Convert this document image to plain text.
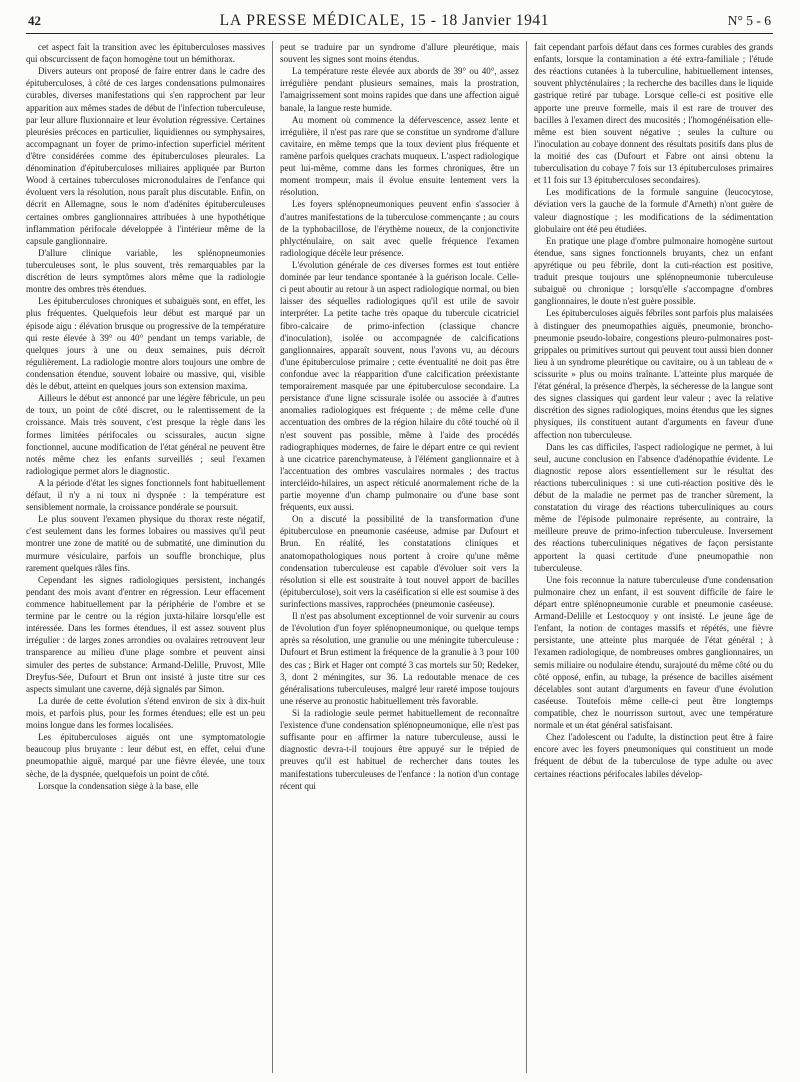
42	LA PRESSE MÉDICALE, 15 - 18 Janvier 1941	N° 5 - 6

cet aspect fait la transition avec les épituberculoses massives qui obscurcissent de façon homogène tout un hémithorax.

Divers auteurs ont proposé de faire entrer dans le cadre des épituberculoses, à côté de ces larges condensations pulmonaires curables, diverses manifestations qui s'en rapprochent par leur apparition aux mêmes stades de début de l'infection tuberculeuse, par leur allure fluxionnaire et leur évolution régressive. Certaines pleurésies précoces en particulier, liquidiennes ou symphysaires, accompagnant un foyer de primo-infection superficiel méritent d'être considérées comme des épituberculoses pleurales. La dénomination d'épituberculoses miliaires appliquée par Burton Wood à certaines tuberculoses micronodulaires de l'enfance qui évoluent vers la résolution, nous paraît plus discutable. Enfin, on décrit en Allemagne, sous le nom d'adénites épituberculeuses certaines ombres ganglionnaires attribuées à une hypothétique inflammation périfocale développée à l'intérieur même de la capsule ganglionnaire.

D'allure clinique variable, les splénopneumonies tuberculeuses sont, le plus souvent, très remarquables par la discrétion de leurs symptômes alors même que la radiologie montre des ombres très étendues.

Les épituberculoses chroniques et subaiguës sont, en effet, les plus fréquentes. Quelquefois leur début est marqué par un épisode aigu : élévation brusque ou progressive de la température qui reste élevée à 39° ou 40° pendant un temps variable, de quelques jours à une ou deux semaines, puis décroît régulièrement. La radiologie montre alors toujours une ombre de condensation étendue, souvent lobaire ou massive, qui, visible dès le début, atteint en quelques jours son extension maxima.

Ailleurs le début est annoncé par une légère fébricule, un peu de toux, un point de côté discret, ou le ralentissement de la croissance. Mais très souvent, c'est presque la règle dans les formes limitées périfocales ou scissurales, aucun signe fonctionnel, aucune modification de l'état général ne peuvent être notés même chez les enfants surveillés ; seul l'examen radiologique permet alors le diagnostic.

A la période d'état les signes fonctionnels font habituellement défaut, il n'y a ni toux ni dyspnée : la température est sensiblement normale, la croissance pondérale se poursuit.

Le plus souvent l'examen physique du thorax reste négatif, c'est seulement dans les formes lobaires ou massives qu'il peut montrer une zone de matité ou de submatité, une diminution du murmure vésiculaire, parfois un souffle bronchique, plus rarement quelques râles fins.

Cependant les signes radiologiques persistent, inchangés pendant des mois avant d'entrer en régression. Leur effacement commence habituellement par la périphérie de l'ombre et se termine par le centre ou la région juxta-hilaire lorsqu'elle est intéressée. Dans les formes étendues, il est assez souvent plus irrégulier : de larges zones arrondies ou ovalaires retrouvent leur transparence au milieu d'une plage sombre et peuvent ainsi simuler des pertes de substance: Armand-Delille, Pruvost, Mlle Dreyfus-Sée, Dufourt et Brun ont insisté à juste titre sur ces aspects simulant une caverne, déjà signalés par Simon.

La durée de cette évolution s'étend environ de six à dix-huit mois, et parfois plus, pour les formes étendues; elle est un peu moins longue dans les formes localisées.

Les épituberculoses aiguës ont une symptomatologie beaucoup plus bruyante : leur début est, en effet, celui d'une pneumopathie aiguë, marqué par une fièvre élevée, une toux sèche, de la dyspnée, quelquefois un point de côté.

Lorsque la condensation siège à la base, elle

peut se traduire par un syndrome d'allure pleurétique, mais souvent les signes sont moins étendus.

La température reste élevée aux abords de 39° ou 40°, assez irrégulière pendant plusieurs semaines, mais la prostration, l'amaigrissement sont moins rapides que dans une affection aiguë banale, la langue reste humide.

Au moment où commence la défervescence, assez lente et irrégulière, il n'est pas rare que se constitue un syndrome d'allure cavitaire, en même temps que la toux devient plus fréquente et ramène parfois quelques crachats muqueux. L'aspect radiologique peut lui-même, comme dans les formes chroniques, être un moment trompeur, mais il évolue ensuite lentement vers la résolution.

Les foyers splénopneumoniques peuvent enfin s'associer à d'autres manifestations de la tuberculose commençante ; au cours de la typhobacillose, de l'érythème noueux, de la conjonctivite phlycténulaire, on sait avec quelle fréquence l'examen radiologique décèle leur présence.

L'évolution générale de ces diverses formes est tout entière dominée par leur tendance spontanée à la guérison locale. Celle-ci peut aboutir au retour à un aspect radiologique normal, ou bien laisser des séquelles radiologiques qu'il est utile de savoir interpréter. La petite tache très opaque du tubercule cicatriciel fibro-calcaire de primo-infection (classique chancre d'inoculation), isolée ou accompagnée de calcifications ganglionnaires, apparaît souvent, nous l'avons vu, au décours d'une épituberculose primaire ; cette éventualité ne doit pas être confondue avec la réapparition d'une calcification préexistante temporairement masquée par une épituberculose secondaire. La persistance d'une ligne scissurale isolée ou associée à d'autres anomalies radiologiques est fréquente ; de même celle d'une accentuation des ombres de la région hilaire du côté touché où il n'est souvent pas possible, même à l'aide des procédés radiographiques modernes, de faire le départ entre ce qui revient à une cicatrice parenchymateuse, à l'élément ganglionnaire et à l'accentuation des ombres vasculaires normales ; des tractus intercléido-hilaires, un aspect réticulé anormalement riche de la partie moyenne d'un champ pulmonaire ou d'une base sont fréquents, eux aussi.

On a discuté la possibilité de la transformation d'une épituberculose en pneumonie caséeuse, admise par Dufourt et Brun. En réalité, les constatations cliniques et anatomopathologiques nous portent à croire qu'une même condensation tuberculeuse est capable d'évoluer soit vers la résolution si elle est soustraite à tout nouvel apport de bacilles (épituberculose), soit vers la caséification si elle est soumise à des surinfections massives, rapprochées (pneumonie caséeuse).

Il n'est pas absolument exceptionnel de voir survenir au cours de l'évolution d'un foyer splénopneumonique, ou quelque temps après sa résolution, une granulie ou une méningite tuberculeuse : Dufourt et Brun estiment la fréquence de la granulie à 3 pour 100 des cas ; Birk et Hager ont compté 3 cas mortels sur 50; Redeker, 3, dont 2 méningites, sur 36. La redoutable menace de ces généralisations tuberculeuses, malgré leur rareté impose toujours une réserve au pronostic habituellement très favorable.

Si la radiologie seule permet habituellement de reconnaître l'existence d'une condensation splénopneumonique, elle n'est pas suffisante pour en affirmer la nature tuberculeuse, aussi le diagnostic devra-t-il toujours être appuyé sur le trépied de preuves qu'il est habituel de rechercher dans toutes les manifestations tuberculeuses de l'enfance : la notion d'un contage récent qui

fait cependant parfois défaut dans ces formes curables des grands enfants, lorsque la contamination a été extra-familiale ; l'étude des réactions cutanées à la tuberculine, habituellement intenses, souvent phlycténulaires ; la recherche des bacilles dans le liquide gastrique retiré par tubage. Lorsque celle-ci est positive elle apporte une preuve formelle, mais il est rare de trouver des bacilles à l'examen direct des mucosités ; l'homogénéisation elle-même est bien souvent négative ; seules la culture ou l'inoculation au cobaye donnent des résultats positifs dans plus de la moitié des cas (Dufourt et Fabre ont ainsi obtenu la tuberculisation du cobaye 7 fois sur 13 épituberculoses primaires et 11 fois sur 13 épituberculoses secondaires).

Les modifications de la formule sanguine (leucocytose, déviation vers la gauche de la formule d'Arneth) n'ont guère de valeur diagnostique ; les modifications de la sédimentation globulaire ont été peu étudiées.

En pratique une plage d'ombre pulmonaire homogène surtout étendue, sans signes fonctionnels bruyants, chez un enfant apyrétique ou peu fébrile, dont la cuti-réaction est positive, traduit presque toujours une splénopneumonie tuberculeuse subaiguë ou chronique ; lorsqu'elle s'accompagne d'ombres ganglionnaires, le doute n'est guère possible.

Les épituberculoses aiguës fébriles sont parfois plus malaisées à distinguer des pneumopathies aiguës, pneumonie, broncho-pneumonie pseudo-lobaire, congestions pleuro-pulmonaires post-grippales ou primitives surtout qui peuvent tout aussi bien donner lieu à un syndrome pleurétique ou cavitaire, ou à un tableau de « scissurite » plus ou moins traînante. L'atteinte plus marquée de l'état général, la présence d'herpès, la sécheresse de la langue sont des signes classiques qui gardent leur valeur ; avec la relative discrétion des signes radiologiques, moins étendus que les signes physiques, ils constituent autant d'arguments en faveur d'une affection non tuberculeuse.

Dans les cas difficiles, l'aspect radiologique ne permet, à lui seul, aucune conclusion en l'absence d'adénopathie évidente. Le diagnostic repose alors essentiellement sur le résultat des réactions tuberculiniques : si une cuti-réaction positive dès le début de la maladie ne permet pas de trancher sûrement, la constatation du virage des réactions tuberculiniques au cours même de l'épisode pulmonaire représente, au contraire, la meilleure preuve de primo-infection tuberculeuse. Inversement des réactions tuberculiniques négatives de façon persistante apportent la quasi certitude d'une pneumopathie non tuberculeuse.

Une fois reconnue la nature tuberculeuse d'une condensation pulmonaire chez un enfant, il est souvent difficile de faire le départ entre splénopneumonie curable et pneumonie caséeuse. Armand-Delille et Lestocquoy y ont insisté. Le jeune âge de l'enfant, la notion de contages massifs et répétés, une fièvre persistante, une atteinte plus marquée de l'état général ; à l'examen radiologique, de nombreuses ombres ganglionnaires, un semis miliaire ou nodulaire étendu, surajouté du même côté ou du côté opposé, enfin, au tubage, la présence de bacilles aisément décelables sont autant d'arguments en faveur d'une évolution caséeuse. Toutefois même celle-ci peut être longtemps compatible, chez le nourrisson surtout, avec une température normale et un état général satisfaisant.

Chez l'adolescent ou l'adulte, la distinction peut être à faire encore avec les foyers pneumoniques qui constituent un mode fréquent de début de la tuberculose de type adulte ou avec certaines réactions périfocales labiles dévelop-
